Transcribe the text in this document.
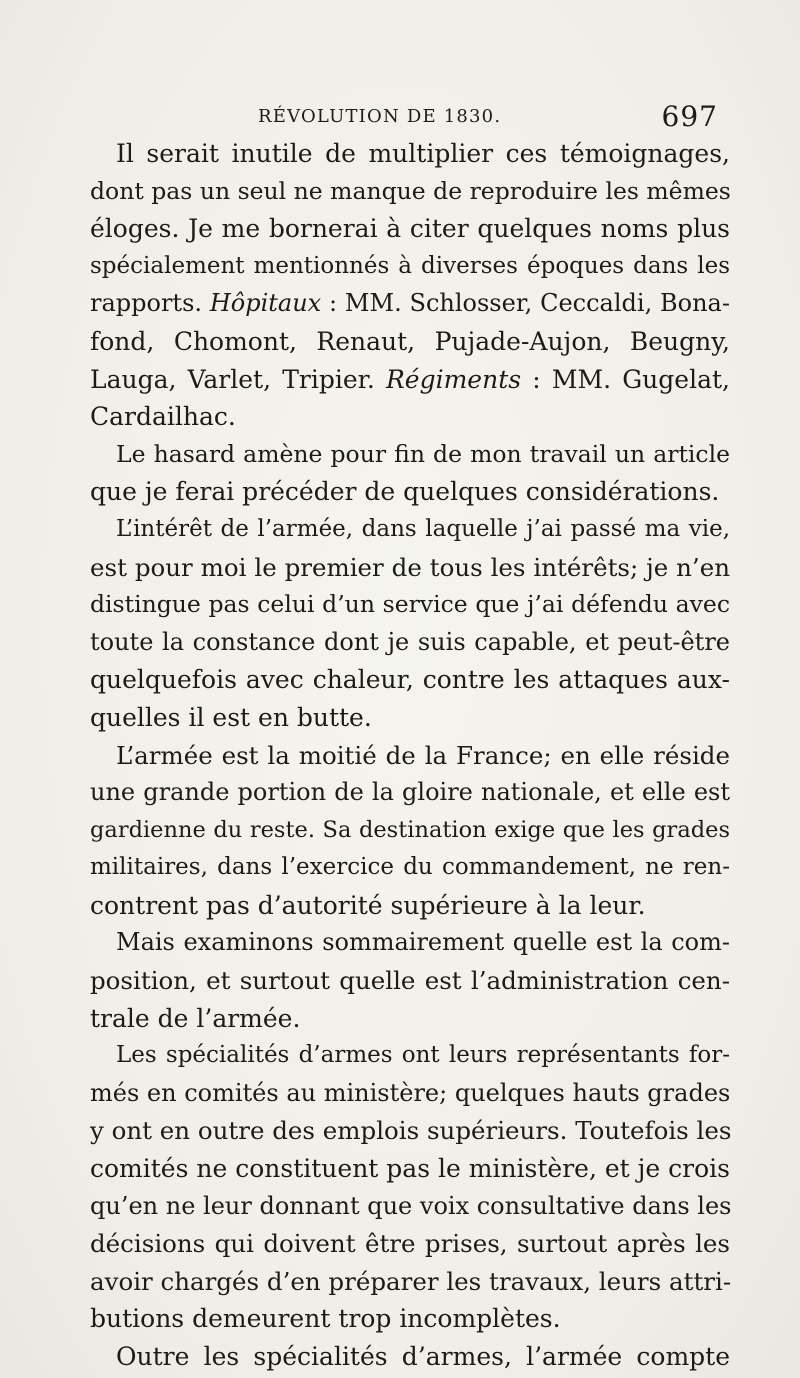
RÉVOLUTION DE 1830.	697
Il serait inutile de multiplier ces témoignages,
dont pas un seul ne manque de reproduire les mêmes
éloges. Je me bornerai à citer quelques noms plus
spécialement mentionnés à diverses époques dans les
rapports. Hôpitaux : MM. Schlosser, Ceccaldi, Bona-
fond, Chomont, Renaut, Pujade-Aujon, Beugny,
Lauga, Varlet, Tripier. Régiments : MM. Gugelat,
Cardailhac.
Le hasard amène pour fin de mon travail un article
que je ferai précéder de quelques considérations.
L’intérêt de l’armée, dans laquelle j’ai passé ma vie,
est pour moi le premier de tous les intérêts; je n’en
distingue pas celui d’un service que j’ai défendu avec
toute la constance dont je suis capable, et peut-être
quelquefois avec chaleur, contre les attaques aux-
quelles il est en butte.
L’armée est la moitié de la France; en elle réside
une grande portion de la gloire nationale, et elle est
gardienne du reste. Sa destination exige que les grades
militaires, dans l’exercice du commandement, ne ren-
contrent pas d’autorité supérieure à la leur.
Mais examinons sommairement quelle est la com-
position, et surtout quelle est l’administration cen-
trale de l’armée.
Les spécialités d’armes ont leurs représentants for-
més en comités au ministère; quelques hauts grades
y ont en outre des emplois supérieurs. Toutefois les
comités ne constituent pas le ministère, et je crois
qu’en ne leur donnant que voix consultative dans les
décisions qui doivent être prises, surtout après les
avoir chargés d’en préparer les travaux, leurs attri-
butions demeurent trop incomplètes.
Outre les spécialités d’armes, l’armée compte
